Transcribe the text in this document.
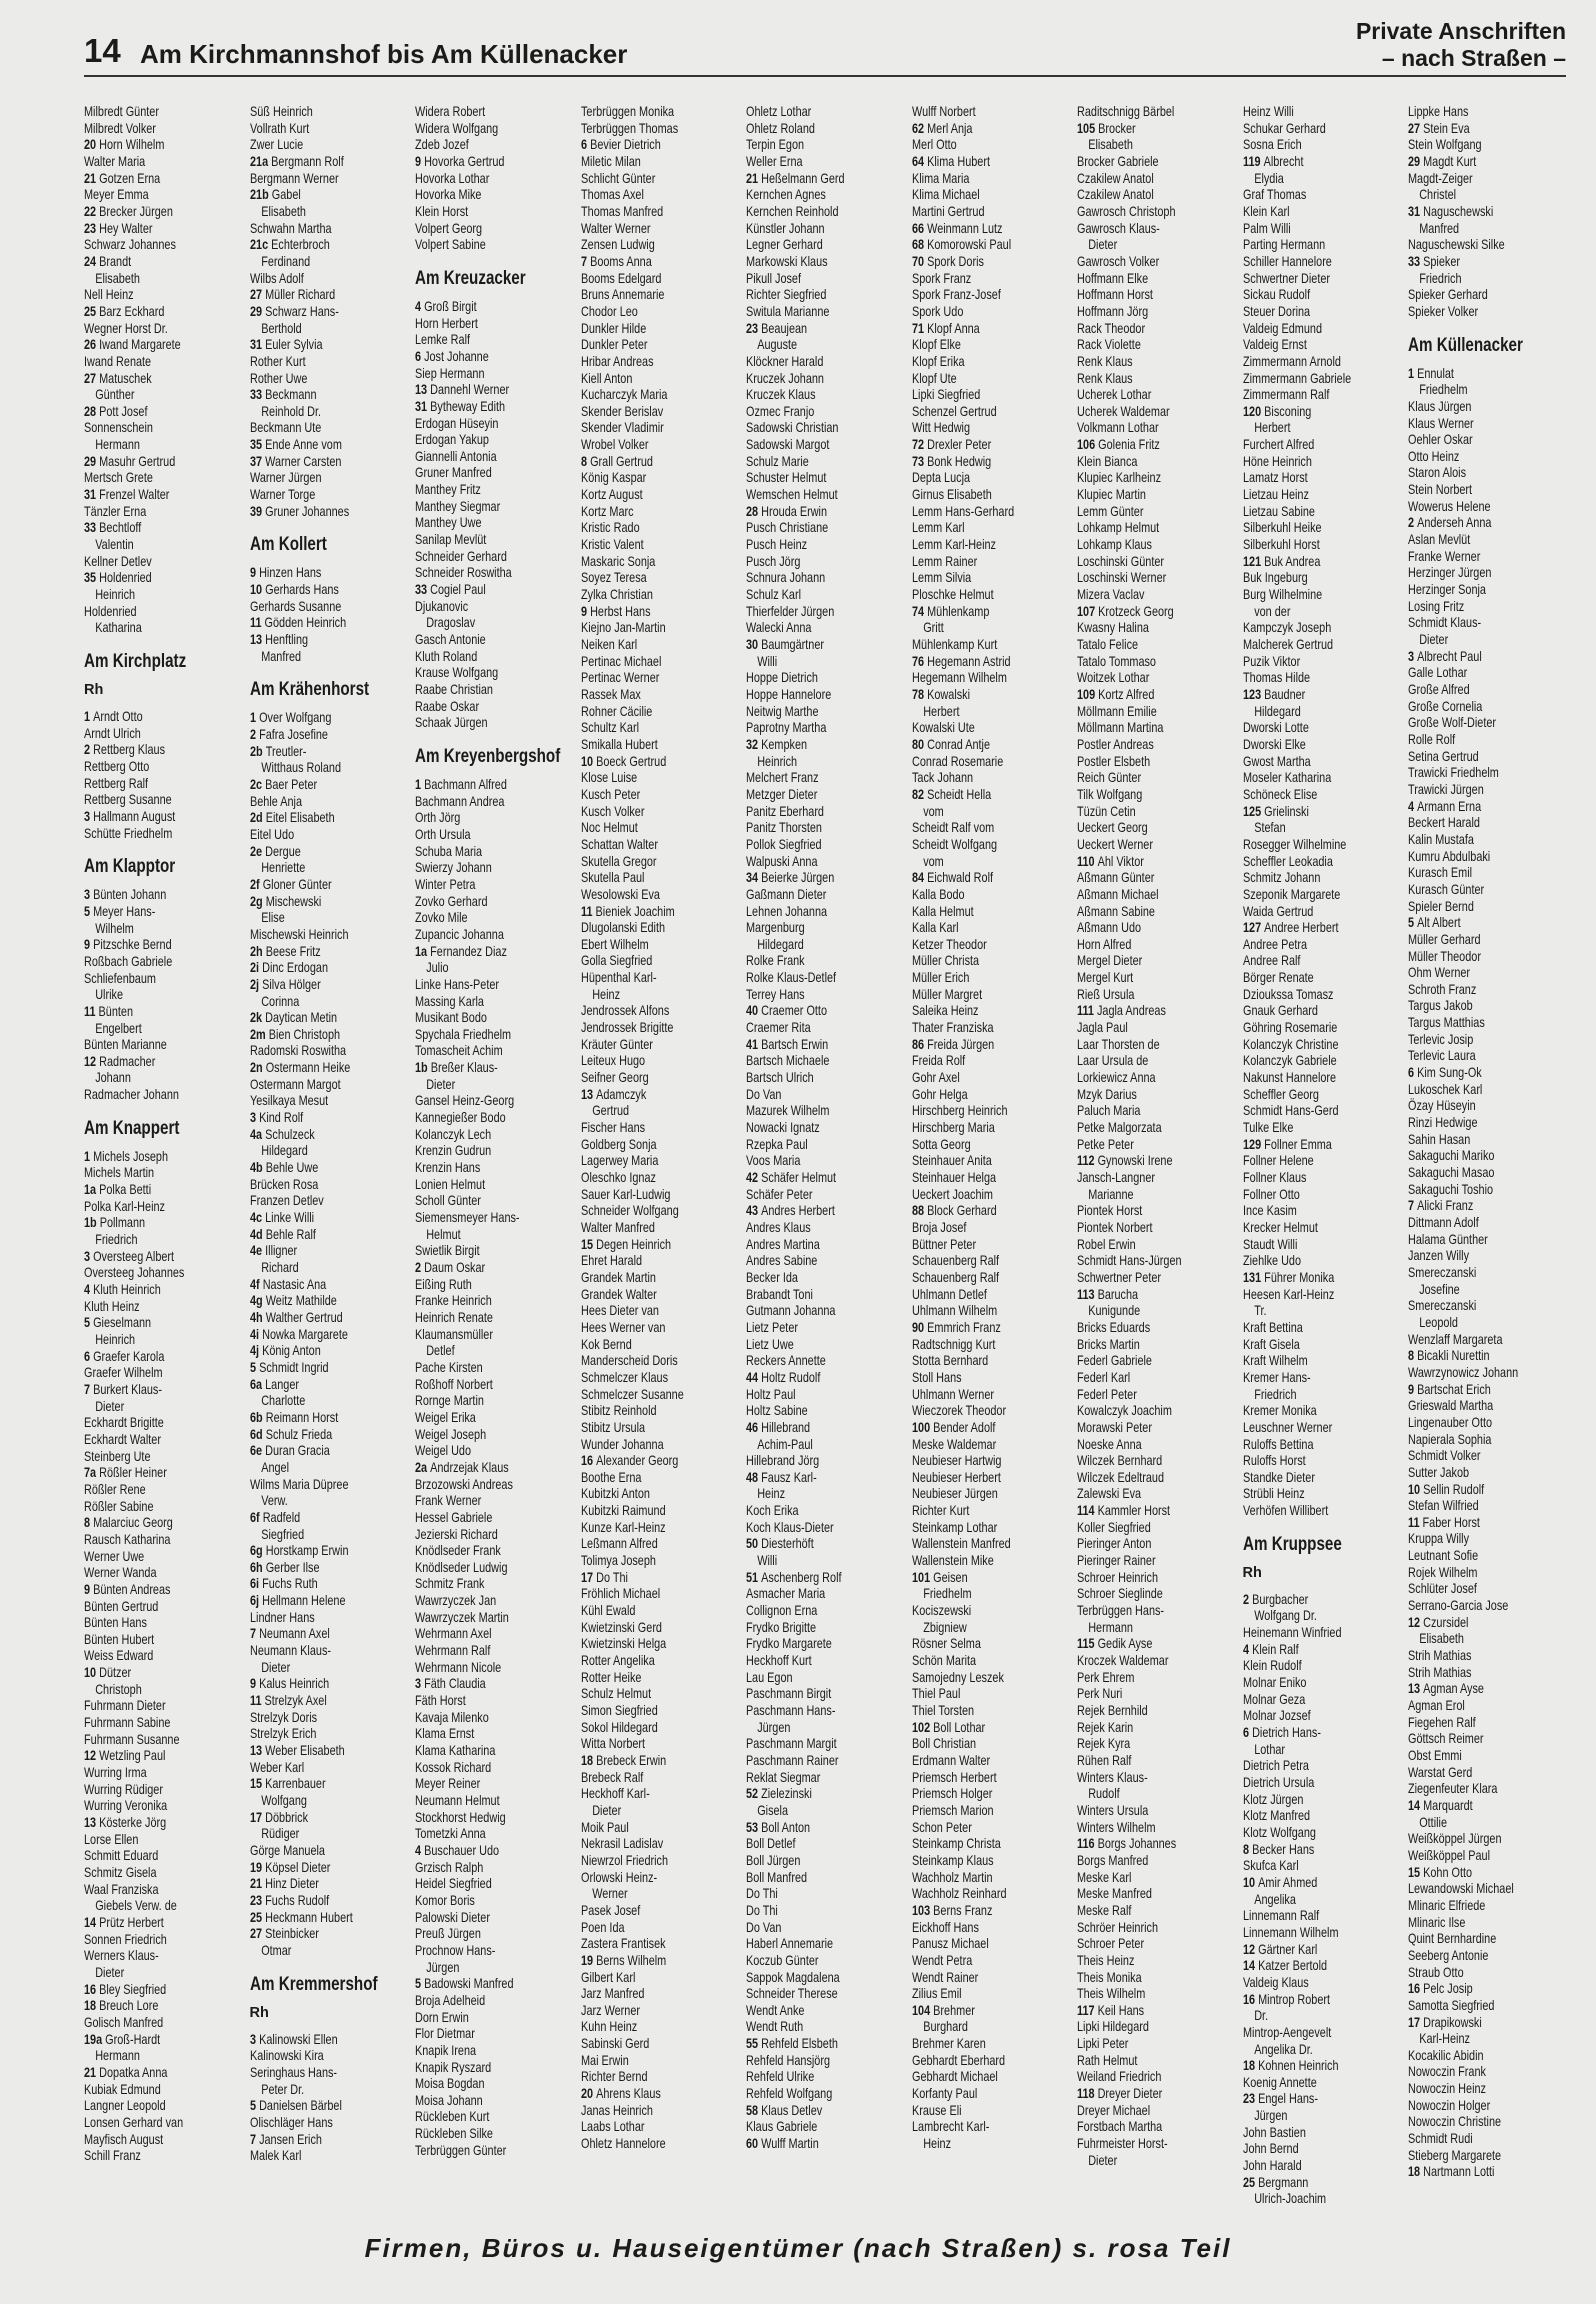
14 Am Kirchmannshof bis Am Küllenacker
Private Anschriften
– nach Straßen –
Milbredt Günter
Milbredt Volker
20 Horn Wilhelm
Walter Maria
21 Gotzen Erna
Meyer Emma
22 Brecker Jürgen
23 Hey Walter
Schwarz Johannes
24 Brandt
Elisabeth
Nell Heinz
25 Barz Eckhard
Wegner Horst Dr.
26 Iwand Margarete
Iwand Renate
27 Matuschek
Günther
28 Pott Josef
Sonnenschein
Hermann
29 Masuhr Gertrud
Mertsch Grete
31 Frenzel Walter
Tänzler Erna
33 Bechtloff
Valentin
Kellner Detlev
35 Holdenried
Heinrich
Holdenried
Katharina
Am Kirchplatz
Rh
1 Arndt Otto
Arndt Ulrich
2 Rettberg Klaus
Rettberg Otto
Rettberg Ralf
Rettberg Susanne
3 Hallmann August
Schütte Friedhelm
Am Klapptor
3 Bünten Johann
5 Meyer Hans-
Wilhelm
9 Pitzschke Bernd
Roßbach Gabriele
Schliefenbaum
Ulrike
11 Bünten
Engelbert
Bünten Marianne
12 Radmacher
Johann
Radmacher Johann
Am Knappert
1 Michels Joseph
Michels Martin
1a Polka Betti
Polka Karl-Heinz
1b Pollmann
Friedrich
3 Oversteeg Albert
Oversteeg Johannes
4 Kluth Heinrich
Kluth Heinz
5 Gieselmann
Heinrich
6 Graefer Karola
Graefer Wilhelm
7 Burkert Klaus-
Dieter
Eckhardt Brigitte
Eckhardt Walter
Steinberg Ute
7a Rößler Heiner
Rößler Rene
Rößler Sabine
8 Malarciuc Georg
Rausch Katharina
Werner Uwe
Werner Wanda
9 Bünten Andreas
Bünten Gertrud
Bünten Hans
Bünten Hubert
Weiss Edward
10 Dützer
Christoph
Fuhrmann Dieter
Fuhrmann Sabine
Fuhrmann Susanne
12 Wetzling Paul
Wurring Irma
Wurring Rüdiger
Wurring Veronika
13 Kösterke Jörg
Lorse Ellen
Schmitt Eduard
Schmitz Gisela
Waal Franziska
Giebels Verw. de
14 Prütz Herbert
Sonnen Friedrich
Werners Klaus-
Dieter
16 Bley Siegfried
18 Breuch Lore
Golisch Manfred
19a Groß-Hardt
Hermann
21 Dopatka Anna
Kubiak Edmund
Langner Leopold
Lonsen Gerhard van
Mayfisch August
Schill Franz
Süß Heinrich
Vollrath Kurt
Zwer Lucie
21a Bergmann Rolf
Bergmann Werner
21b Gabel
Elisabeth
Schwahn Martha
21c Echterbroch
Ferdinand
Wilbs Adolf
27 Müller Richard
29 Schwarz Hans-
Berthold
31 Euler Sylvia
Rother Kurt
Rother Uwe
33 Beckmann
Reinhold Dr.
Beckmann Ute
35 Ende Anne vom
37 Warner Carsten
Warner Jürgen
Warner Torge
39 Gruner Johannes
Am Kollert
9 Hinzen Hans
10 Gerhards Hans
Gerhards Susanne
11 Gödden Heinrich
13 Henftling
Manfred
Am Krähenhorst
1 Over Wolfgang
2 Fafra Josefine
2b Treutler-
Witthaus Roland
2c Baer Peter
Behle Anja
2d Eitel Elisabeth
Eitel Udo
2e Dergue
Henriette
2f Gloner Günter
2g Mischewski
Elise
Mischewski Heinrich
2h Beese Fritz
2i Dinc Erdogan
2j Silva Hölger
Corinna
2k Daytican Metin
2m Bien Christoph
Radomski Roswitha
2n Ostermann Heike
Ostermann Margot
Yesilkaya Mesut
3 Kind Rolf
4a Schulzeck
Hildegard
4b Behle Uwe
Brücken Rosa
Franzen Detlev
4c Linke Willi
4d Behle Ralf
4e Illigner
Richard
4f Nastasic Ana
4g Weitz Mathilde
4h Walther Gertrud
4i Nowka Margarete
4j König Anton
5 Schmidt Ingrid
6a Langer
Charlotte
6b Reimann Horst
6d Schulz Frieda
6e Duran Gracia
Angel
Wilms Maria Düpree
Verw.
6f Radfeld
Siegfried
6g Horstkamp Erwin
6h Gerber Ilse
6i Fuchs Ruth
6j Hellmann Helene
Lindner Hans
7 Neumann Axel
Neumann Klaus-
Dieter
9 Kalus Heinrich
11 Strelzyk Axel
Strelzyk Doris
Strelzyk Erich
13 Weber Elisabeth
Weber Karl
15 Karrenbauer
Wolfgang
17 Döbbrick
Rüdiger
Görge Manuela
19 Köpsel Dieter
21 Hinz Dieter
23 Fuchs Rudolf
25 Heckmann Hubert
27 Steinbicker
Otmar
Am Kremmershof
Rh
3 Kalinowski Ellen
Kalinowski Kira
Seringhaus Hans-
Peter Dr.
5 Danielsen Bärbel
Olischläger Hans
7 Jansen Erich
Malek Karl
Widera Robert
Widera Wolfgang
Zdeb Jozef
9 Hovorka Gertrud
Hovorka Lothar
Hovorka Mike
Klein Horst
Volpert Georg
Volpert Sabine
Am Kreuzacker
4 Groß Birgit
Horn Herbert
Lemke Ralf
6 Jost Johanne
Siep Hermann
13 Dannehl Werner
31 Bytheway Edith
Erdogan Hüseyin
Erdogan Yakup
Giannelli Antonia
Gruner Manfred
Manthey Fritz
Manthey Siegmar
Manthey Uwe
Sanilap Mevlüt
Schneider Gerhard
Schneider Roswitha
33 Cogiel Paul
Djukanovic
Dragoslav
Gasch Antonie
Kluth Roland
Krause Wolfgang
Raabe Christian
Raabe Oskar
Schaak Jürgen
Am Kreyenbergshof
1 Bachmann Alfred
Bachmann Andrea
Orth Jörg
Orth Ursula
Schuba Maria
Swierzy Johann
Winter Petra
Zovko Gerhard
Zovko Mile
Zupancic Johanna
1a Fernandez Diaz
Julio
Linke Hans-Peter
Massing Karla
Musikant Bodo
Spychala Friedhelm
Tomascheit Achim
1b Breßer Klaus-
Dieter
Gansel Heinz-Georg
Kannegießer Bodo
Kolanczyk Lech
Krenzin Gudrun
Krenzin Hans
Lonien Helmut
Scholl Günter
Siemensmeyer Hans-
Helmut
Swietlik Birgit
2 Daum Oskar
Eißing Ruth
Franke Heinrich
Heinrich Renate
Klaumansmüller
Detlef
Pache Kirsten
Roßhoff Norbert
Rornge Martin
Weigel Erika
Weigel Joseph
Weigel Udo
2a Andrzejak Klaus
Brzozowski Andreas
Frank Werner
Hessel Gabriele
Jezierski Richard
Knödlseder Frank
Knödlseder Ludwig
Schmitz Frank
Wawrzyczek Jan
Wawrzyczek Martin
Wehrmann Axel
Wehrmann Ralf
Wehrmann Nicole
3 Fäth Claudia
Fäth Horst
Kavaja Milenko
Klama Ernst
Klama Katharina
Kossok Richard
Meyer Reiner
Neumann Helmut
Stockhorst Hedwig
Tometzki Anna
4 Buschauer Udo
Grzisch Ralph
Heidel Siegfried
Komor Boris
Palowski Dieter
Preuß Jürgen
Prochnow Hans-
Jürgen
5 Badowski Manfred
Broja Adelheid
Dorn Erwin
Flor Dietmar
Knapik Irena
Knapik Ryszard
Moisa Bogdan
Moisa Johann
Rückleben Kurt
Rückleben Silke
Terbrüggen Günter
Terbrüggen Monika
Terbrüggen Thomas
6 Bevier Dietrich
Miletic Milan
Schlicht Günter
Thomas Axel
Thomas Manfred
Walter Werner
Zensen Ludwig
7 Booms Anna
Booms Edelgard
Bruns Annemarie
Chodor Leo
Dunkler Hilde
Dunkler Peter
Hribar Andreas
Kiell Anton
Kucharczyk Maria
Skender Berislav
Skender Vladimir
Wrobel Volker
8 Grall Gertrud
König Kaspar
Kortz August
Kortz Marc
Kristic Rado
Kristic Valent
Maskaric Sonja
Soyez Teresa
Zylka Christian
9 Herbst Hans
Kiejno Jan-Martin
Neiken Karl
Pertinac Michael
Pertinac Werner
Rassek Max
Rohner Cäcilie
Schultz Karl
Smikalla Hubert
10 Boeck Gertrud
Klose Luise
Kusch Peter
Kusch Volker
Noc Helmut
Schattan Walter
Skutella Gregor
Skutella Paul
Wesolowski Eva
11 Bieniek Joachim
Dlugolanski Edith
Ebert Wilhelm
Golla Siegfried
Hüpenthal Karl-
Heinz
Jendrossek Alfons
Jendrossek Brigitte
Kräuter Günter
Leiteux Hugo
Seifner Georg
13 Adamczyk
Gertrud
Fischer Hans
Goldberg Sonja
Lagerwey Maria
Oleschko Ignaz
Sauer Karl-Ludwig
Schneider Wolfgang
Walter Manfred
15 Degen Heinrich
Ehret Harald
Grandek Martin
Grandek Walter
Hees Dieter van
Hees Werner van
Kok Bernd
Manderscheid Doris
Schmelczer Klaus
Schmelczer Susanne
Stibitz Reinhold
Stibitz Ursula
Wunder Johanna
16 Alexander Georg
Boothe Erna
Kubitzki Anton
Kubitzki Raimund
Kunze Karl-Heinz
Leßmann Alfred
Tolimya Joseph
17 Do Thi
Fröhlich Michael
Kühl Ewald
Kwietzinski Gerd
Kwietzinski Helga
Rotter Angelika
Rotter Heike
Schulz Helmut
Simon Siegfried
Sokol Hildegard
Witta Norbert
18 Brebeck Erwin
Brebeck Ralf
Heckhoff Karl-
Dieter
Moik Paul
Nekrasil Ladislav
Niewrzol Friedrich
Orlowski Heinz-
Werner
Pasek Josef
Poen Ida
Zastera Frantisek
19 Berns Wilhelm
Gilbert Karl
Jarz Manfred
Jarz Werner
Kuhn Heinz
Sabinski Gerd
Mai Erwin
Richter Bernd
20 Ahrens Klaus
Janas Heinrich
Laabs Lothar
Ohletz Hannelore
Ohletz Lothar
Ohletz Roland
Terpin Egon
Weller Erna
21 Heßelmann Gerd
Kernchen Agnes
Kernchen Reinhold
Künstler Johann
Legner Gerhard
Markowski Klaus
Pikull Josef
Richter Siegfried
Switula Marianne
23 Beaujean
Auguste
Klöckner Harald
Kruczek Johann
Kruczek Klaus
Ozmec Franjo
Sadowski Christian
Sadowski Margot
Schulz Marie
Schuster Helmut
Wemschen Helmut
28 Hrouda Erwin
Pusch Christiane
Pusch Heinz
Pusch Jörg
Schnura Johann
Schulz Karl
Thierfelder Jürgen
Walecki Anna
30 Baumgärtner
Willi
Hoppe Dietrich
Hoppe Hannelore
Neitwig Marthe
Paprotny Martha
32 Kempken
Heinrich
Melchert Franz
Metzger Dieter
Panitz Eberhard
Panitz Thorsten
Pollok Siegfried
Walpuski Anna
34 Beierke Jürgen
Gaßmann Dieter
Lehnen Johanna
Margenburg
Hildegard
Rolke Frank
Rolke Klaus-Detlef
Terrey Hans
40 Craemer Otto
Craemer Rita
41 Bartsch Erwin
Bartsch Michaele
Bartsch Ulrich
Do Van
Mazurek Wilhelm
Nowacki Ignatz
Rzepka Paul
Voos Maria
42 Schäfer Helmut
Schäfer Peter
43 Andres Herbert
Andres Klaus
Andres Martina
Andres Sabine
Becker Ida
Brabandt Toni
Gutmann Johanna
Lietz Peter
Lietz Uwe
Reckers Annette
44 Holtz Rudolf
Holtz Paul
Holtz Sabine
46 Hillebrand
Achim-Paul
Hillebrand Jörg
48 Fausz Karl-
Heinz
Koch Erika
Koch Klaus-Dieter
50 Diesterhöft
Willi
51 Aschenberg Rolf
Asmacher Maria
Collignon Erna
Frydko Brigitte
Frydko Margarete
Heckhoff Kurt
Lau Egon
Paschmann Birgit
Paschmann Hans-
Jürgen
Paschmann Margit
Paschmann Rainer
Reklat Siegmar
52 Zielezinski
Gisela
53 Boll Anton
Boll Detlef
Boll Jürgen
Boll Manfred
Do Thi
Do Thi
Do Van
Haberl Annemarie
Koczub Günter
Sappok Magdalena
Schneider Therese
Wendt Anke
Wendt Ruth
55 Rehfeld Elsbeth
Rehfeld Hansjörg
Rehfeld Ulrike
Rehfeld Wolfgang
58 Klaus Detlev
Klaus Gabriele
60 Wulff Martin
Wulff Norbert
62 Merl Anja
Merl Otto
64 Klima Hubert
Klima Maria
Klima Michael
Martini Gertrud
66 Weinmann Lutz
68 Komorowski Paul
70 Spork Doris
Spork Franz
Spork Franz-Josef
Spork Udo
71 Klopf Anna
Klopf Elke
Klopf Erika
Klopf Ute
Lipki Siegfried
Schenzel Gertrud
Witt Hedwig
72 Drexler Peter
73 Bonk Hedwig
Depta Lucja
Girnus Elisabeth
Lemm Hans-Gerhard
Lemm Karl
Lemm Karl-Heinz
Lemm Rainer
Lemm Silvia
Ploschke Helmut
74 Mühlenkamp
Gritt
Mühlenkamp Kurt
76 Hegemann Astrid
Hegemann Wilhelm
78 Kowalski
Herbert
Kowalski Ute
80 Conrad Antje
Conrad Rosemarie
Tack Johann
82 Scheidt Hella
vom
Scheidt Ralf vom
Scheidt Wolfgang
vom
84 Eichwald Rolf
Kalla Bodo
Kalla Helmut
Kalla Karl
Ketzer Theodor
Müller Christa
Müller Erich
Müller Margret
Saleika Heinz
Thater Franziska
86 Freida Jürgen
Freida Rolf
Gohr Axel
Gohr Helga
Hirschberg Heinrich
Hirschberg Maria
Sotta Georg
Steinhauer Anita
Steinhauer Helga
Ueckert Joachim
88 Block Gerhard
Broja Josef
Büttner Peter
Schauenberg Ralf
Schauenberg Ralf
Uhlmann Detlef
Uhlmann Wilhelm
90 Emmrich Franz
Radtschnigg Kurt
Stotta Bernhard
Stoll Hans
Uhlmann Werner
Wieczorek Theodor
100 Bender Adolf
Meske Waldemar
Neubieser Hartwig
Neubieser Herbert
Neubieser Jürgen
Richter Kurt
Steinkamp Lothar
Wallenstein Manfred
Wallenstein Mike
101 Geisen
Friedhelm
Kociszewski
Zbigniew
Rösner Selma
Schön Marita
Samojedny Leszek
Thiel Paul
Thiel Torsten
102 Boll Lothar
Boll Christian
Erdmann Walter
Priemsch Herbert
Priemsch Holger
Priemsch Marion
Schon Peter
Steinkamp Christa
Steinkamp Klaus
Wachholz Martin
Wachholz Reinhard
103 Berns Franz
Eickhoff Hans
Panusz Michael
Wendt Petra
Wendt Rainer
Zilius Emil
104 Brehmer
Burghard
Brehmer Karen
Gebhardt Eberhard
Gebhardt Michael
Korfanty Paul
Krause Eli
Lambrecht Karl-
Heinz
Raditschnigg Bärbel
105 Brocker
Elisabeth
Brocker Gabriele
Czakilew Anatol
Czakilew Anatol
Gawrosch Christoph
Gawrosch Klaus-
Dieter
Gawrosch Volker
Hoffmann Elke
Hoffmann Horst
Hoffmann Jörg
Rack Theodor
Rack Violette
Renk Klaus
Renk Klaus
Ucherek Lothar
Ucherek Waldemar
Volkmann Lothar
106 Golenia Fritz
Klein Bianca
Klupiec Karlheinz
Klupiec Martin
Lemm Günter
Lohkamp Helmut
Lohkamp Klaus
Loschinski Günter
Loschinski Werner
Mizera Vaclav
107 Krotzeck Georg
Kwasny Halina
Tatalo Felice
Tatalo Tommaso
Woitzek Lothar
109 Kortz Alfred
Möllmann Emilie
Möllmann Martina
Postler Andreas
Postler Elsbeth
Reich Günter
Tilk Wolfgang
Tüzün Cetin
Ueckert Georg
Ueckert Werner
110 Ahl Viktor
Aßmann Günter
Aßmann Michael
Aßmann Sabine
Aßmann Udo
Horn Alfred
Mergel Dieter
Mergel Kurt
Rieß Ursula
111 Jagla Andreas
Jagla Paul
Laar Thorsten de
Laar Ursula de
Lorkiewicz Anna
Mzyk Darius
Paluch Maria
Petke Malgorzata
Petke Peter
112 Gynowski Irene
Jansch-Langner
Marianne
Piontek Horst
Piontek Norbert
Robel Erwin
Schmidt Hans-Jürgen
Schwertner Peter
113 Barucha
Kunigunde
Bricks Eduards
Bricks Martin
Federl Gabriele
Federl Karl
Federl Peter
Kowalczyk Joachim
Morawski Peter
Noeske Anna
Wilczek Bernhard
Wilczek Edeltraud
Zalewski Eva
114 Kammler Horst
Koller Siegfried
Pieringer Anton
Pieringer Rainer
Schroer Heinrich
Schroer Sieglinde
Terbrüggen Hans-
Hermann
115 Gedik Ayse
Kroczek Waldemar
Perk Ehrem
Perk Nuri
Rejek Bernhild
Rejek Karin
Rejek Kyra
Rühen Ralf
Winters Klaus-
Rudolf
Winters Ursula
Winters Wilhelm
116 Borgs Johannes
Borgs Manfred
Meske Karl
Meske Manfred
Meske Ralf
Schröer Heinrich
Schroer Peter
Theis Heinz
Theis Monika
Theis Wilhelm
117 Keil Hans
Lipki Hildegard
Lipki Peter
Rath Helmut
Weiland Friedrich
118 Dreyer Dieter
Dreyer Michael
Forstbach Martha
Fuhrmeister Horst-
Dieter
Heinz Willi
Schukar Gerhard
Sosna Erich
119 Albrecht
Elydia
Graf Thomas
Klein Karl
Palm Willi
Parting Hermann
Schiller Hannelore
Schwertner Dieter
Sickau Rudolf
Steuer Dorina
Valdeig Edmund
Valdeig Ernst
Zimmermann Arnold
Zimmermann Gabriele
Zimmermann Ralf
120 Bisconing
Herbert
Furchert Alfred
Höne Heinrich
Lamatz Horst
Lietzau Heinz
Lietzau Sabine
Silberkuhl Heike
Silberkuhl Horst
121 Buk Andrea
Buk Ingeburg
Burg Wilhelmine
von der
Kampczyk Joseph
Malcherek Gertrud
Puzik Viktor
Thomas Hilde
123 Baudner
Hildegard
Dworski Lotte
Dworski Elke
Gwost Martha
Moseler Katharina
Schöneck Elise
125 Grielinski
Stefan
Rosegger Wilhelmine
Scheffler Leokadia
Schmitz Johann
Szeponik Margarete
Waida Gertrud
127 Andree Herbert
Andree Petra
Andree Ralf
Börger Renate
Dzioukssa Tomasz
Gnauk Gerhard
Göhring Rosemarie
Kolanczyk Christine
Kolanczyk Gabriele
Nakunst Hannelore
Scheffler Georg
Schmidt Hans-Gerd
Tulke Elke
129 Follner Emma
Follner Helene
Follner Klaus
Follner Otto
Ince Kasim
Krecker Helmut
Staudt Willi
Ziehlke Udo
131 Führer Monika
Heesen Karl-Heinz
Tr.
Kraft Bettina
Kraft Gisela
Kraft Wilhelm
Kremer Hans-
Friedrich
Kremer Monika
Leuschner Werner
Ruloffs Bettina
Ruloffs Horst
Standke Dieter
Strübli Heinz
Verhöfen Willibert
Am Kruppsee
Rh
2 Burgbacher
Wolfgang Dr.
Heinemann Winfried
4 Klein Ralf
Klein Rudolf
Molnar Eniko
Molnar Geza
Molnar Jozsef
6 Dietrich Hans-
Lothar
Dietrich Petra
Dietrich Ursula
Klotz Jürgen
Klotz Manfred
Klotz Wolfgang
8 Becker Hans
Skufca Karl
10 Amir Ahmed
Angelika
Linnemann Ralf
Linnemann Wilhelm
12 Gärtner Karl
14 Katzer Bertold
Valdeig Klaus
16 Mintrop Robert
Dr.
Mintrop-Aengevelt
Angelika Dr.
18 Kohnen Heinrich
Koenig Annette
23 Engel Hans-
Jürgen
John Bastien
John Bernd
John Harald
25 Bergmann
Ulrich-Joachim
Lippke Hans
27 Stein Eva
Stein Wolfgang
29 Magdt Kurt
Magdt-Zeiger
Christel
31 Naguschewski
Manfred
Naguschewski Silke
33 Spieker
Friedrich
Spieker Gerhard
Spieker Volker
Am Küllenacker
1 Ennulat
Friedhelm
Klaus Jürgen
Klaus Werner
Oehler Oskar
Otto Heinz
Staron Alois
Stein Norbert
Wowerus Helene
2 Anderseh Anna
Aslan Mevlüt
Franke Werner
Herzinger Jürgen
Herzinger Sonja
Losing Fritz
Schmidt Klaus-
Dieter
3 Albrecht Paul
Galle Lothar
Große Alfred
Große Cornelia
Große Wolf-Dieter
Rolle Rolf
Setina Gertrud
Trawicki Friedhelm
Trawicki Jürgen
4 Armann Erna
Beckert Harald
Kalin Mustafa
Kumru Abdulbaki
Kurasch Emil
Kurasch Günter
Spieler Bernd
5 Alt Albert
Müller Gerhard
Müller Theodor
Ohm Werner
Schroth Franz
Targus Jakob
Targus Matthias
Terlevic Josip
Terlevic Laura
6 Kim Sung-Ok
Lukoschek Karl
Özay Hüseyin
Rinzi Hedwige
Sahin Hasan
Sakaguchi Mariko
Sakaguchi Masao
Sakaguchi Toshio
7 Alicki Franz
Dittmann Adolf
Halama Günther
Janzen Willy
Smereczanski
Josefine
Smereczanski
Leopold
Wenzlaff Margareta
8 Bicakli Nurettin
Wawrzynowicz Johann
9 Bartschat Erich
Grieswald Martha
Lingenauber Otto
Napierala Sophia
Schmidt Volker
Sutter Jakob
10 Sellin Rudolf
Stefan Wilfried
11 Faber Horst
Kruppa Willy
Leutnant Sofie
Rojek Wilhelm
Schlüter Josef
Serrano-Garcia Jose
12 Czursidel
Elisabeth
Strih Mathias
Strih Mathias
13 Agman Ayse
Agman Erol
Fiegehen Ralf
Göttsch Reimer
Obst Emmi
Warstat Gerd
Ziegenfeuter Klara
14 Marquardt
Ottilie
Weißköppel Jürgen
Weißköppel Paul
15 Kohn Otto
Lewandowski Michael
Mlinaric Elfriede
Mlinaric Ilse
Quint Bernhardine
Seeberg Antonie
Straub Otto
16 Pelc Josip
Samotta Siegfried
17 Drapikowski
Karl-Heinz
Kocakilic Abidin
Nowoczin Frank
Nowoczin Heinz
Nowoczin Holger
Nowoczin Christine
Schmidt Rudi
Stieberg Margarete
18 Nartmann Lotti
Firmen, Büros u. Hauseigentümer (nach Straßen) s. rosa Teil
